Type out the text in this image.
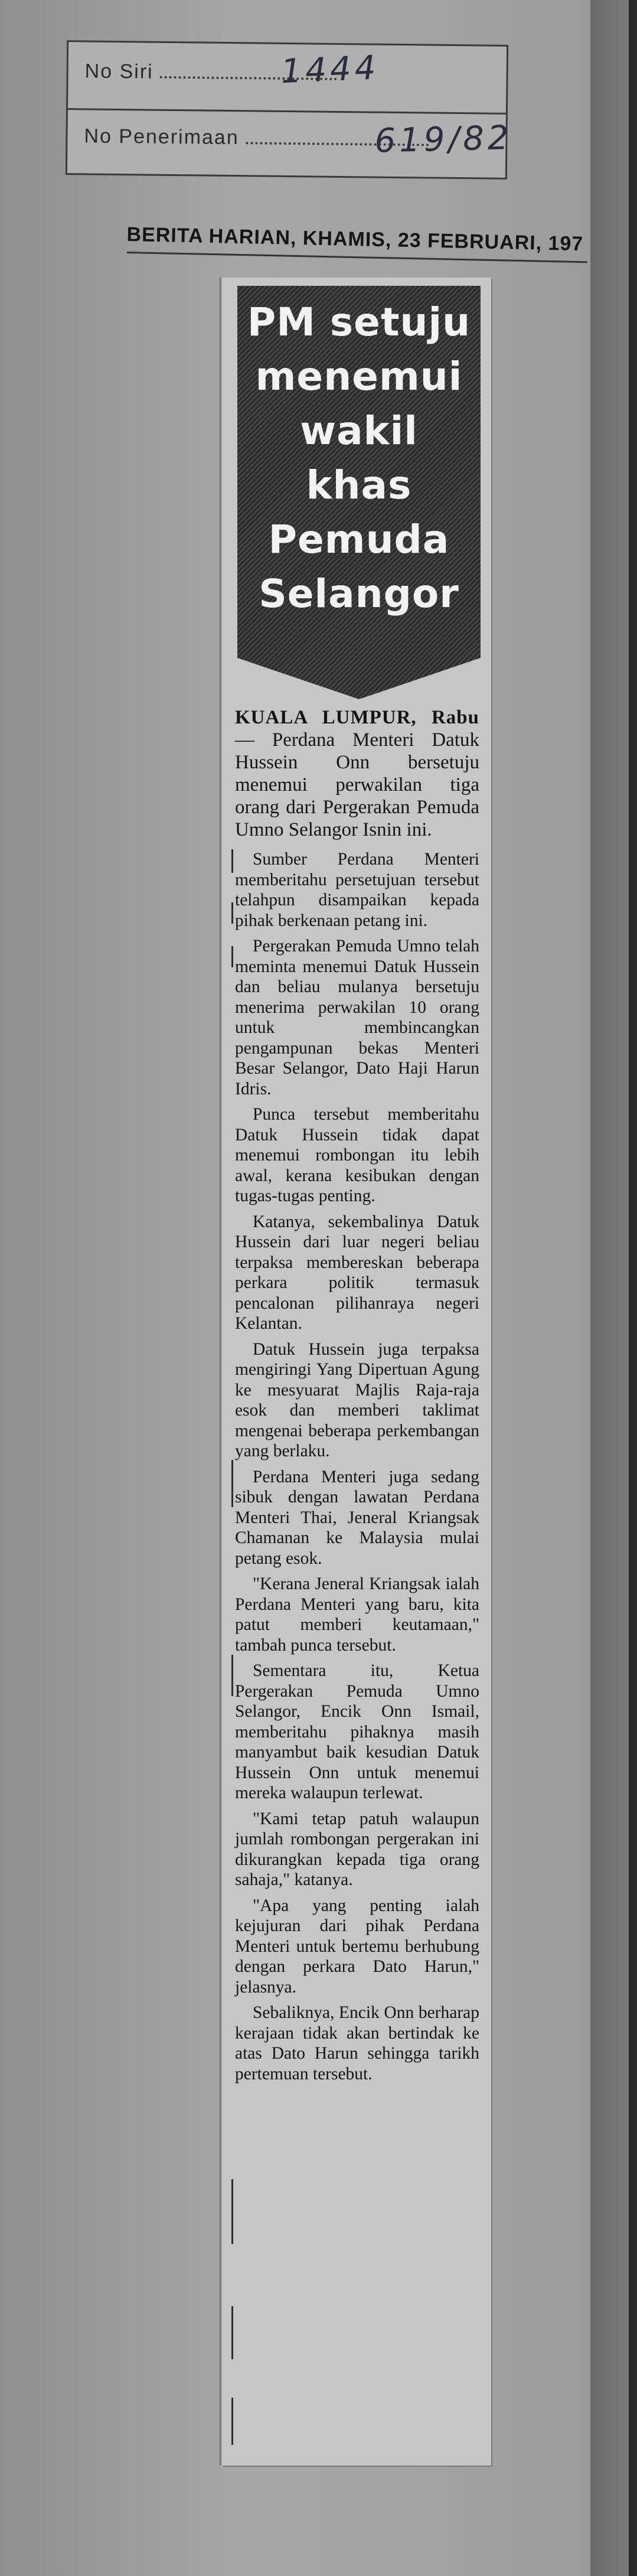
No Siri	1444
No Penerimaan	619/82
BERITA HARIAN, KHAMIS, 23 FEBRUARI, 197
PM setuju
menemui
wakil
khas
Pemuda
Selangor

KUALA LUMPUR, Rabu — Perdana Menteri Datuk Hussein Onn bersetuju menemui perwakilan tiga orang dari Pergerakan Pemuda Umno Selangor Isnin ini.

Sumber Perdana Menteri memberitahu persetujuan tersebut telahpun disampaikan kepada pihak berkenaan petang ini.

Pergerakan Pemuda Umno telah meminta menemui Datuk Hussein dan beliau mulanya bersetuju menerima perwakilan 10 orang untuk membincangkan pengampunan bekas Menteri Besar Selangor, Dato Haji Harun Idris.

Punca tersebut memberitahu Datuk Hussein tidak dapat menemui rombongan itu lebih awal, kerana kesibukan dengan tugas-tugas penting.

Katanya, sekembalinya Datuk Hussein dari luar negeri beliau terpaksa membereskan beberapa perkara politik termasuk pencalonan pilihanraya negeri Kelantan.

Datuk Hussein juga terpaksa mengiringi Yang Dipertuan Agung ke mesyuarat Majlis Raja-raja esok dan memberi taklimat mengenai beberapa perkembangan yang berlaku.

Perdana Menteri juga sedang sibuk dengan lawatan Perdana Menteri Thai, Jeneral Kriangsak Chamanan ke Malaysia mulai petang esok.

"Kerana Jeneral Kriangsak ialah Perdana Menteri yang baru, kita patut memberi keutamaan," tambah punca tersebut.

Sementara itu, Ketua Pergerakan Pemuda Umno Selangor, Encik Onn Ismail, memberitahu pihaknya masih manyambut baik kesudian Datuk Hussein Onn untuk menemui mereka walaupun terlewat.

"Kami tetap patuh walaupun jumlah rombongan pergerakan ini dikurangkan kepada tiga orang sahaja," katanya.

"Apa yang penting ialah kejujuran dari pihak Perdana Menteri untuk bertemu berhubung dengan perkara Dato Harun," jelasnya.

Sebaliknya, Encik Onn berharap kerajaan tidak akan bertindak ke atas Dato Harun sehingga tarikh pertemuan tersebut.
